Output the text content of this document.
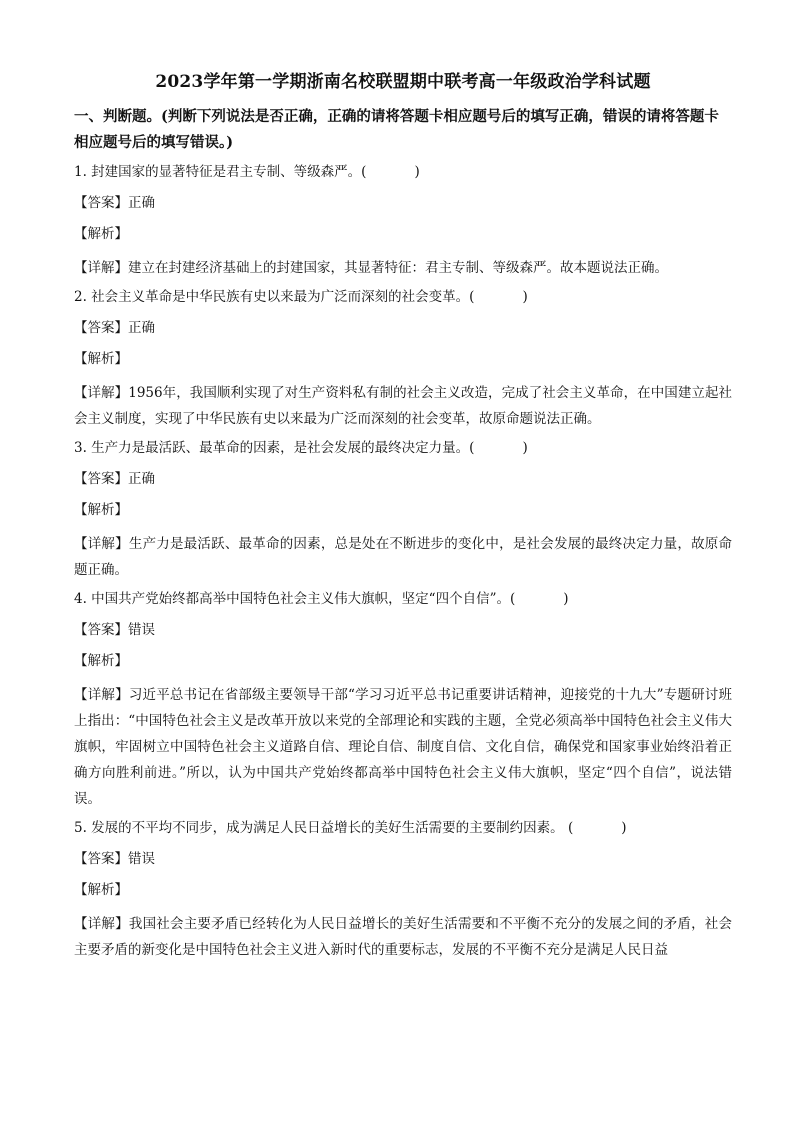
2023学年第一学期浙南名校联盟期中联考高一年级政治学科试题
一、判断题。(判断下列说法是否正确，正确的请将答题卡相应题号后的填写正确，错误的请将答题卡相应题号后的填写错误。)
1. 封建国家的显著特征是君主专制、等级森严。(	)
【答案】正确
【解析】
【详解】建立在封建经济基础上的封建国家，其显著特征：君主专制、等级森严。故本题说法正确。
2. 社会主义革命是中华民族有史以来最为广泛而深刻的社会变革。(	)
【答案】正确
【解析】
【详解】1956年，我国顺利实现了对生产资料私有制的社会主义改造，完成了社会主义革命，在中国建立起社会主义制度，实现了中华民族有史以来最为广泛而深刻的社会变革，故原命题说法正确。
3. 生产力是最活跃、最革命的因素，是社会发展的最终决定力量。(	)
【答案】正确
【解析】
【详解】生产力是最活跃、最革命的因素，总是处在不断进步的变化中，是社会发展的最终决定力量，故原命题正确。
4. 中国共产党始终都高举中国特色社会主义伟大旗帜，坚定“四个自信”。(	)
【答案】错误
【解析】
【详解】习近平总书记在省部级主要领导干部“学习习近平总书记重要讲话精神，迎接党的十九大”专题研讨班上指出：“中国特色社会主义是改革开放以来党的全部理论和实践的主题，全党必须高举中国特色社会主义伟大旗帜，牢固树立中国特色社会主义道路自信、理论自信、制度自信、文化自信，确保党和国家事业始终沿着正确方向胜利前进。”所以，认为中国共产党始终都高举中国特色社会主义伟大旗帜，坚定“四个自信”，说法错误。
5. 发展的不平均不同步，成为满足人民日益增长的美好生活需要的主要制约因素。 (	)
【答案】错误
【解析】
【详解】我国社会主要矛盾已经转化为人民日益增长的美好生活需要和不平衡不充分的发展之间的矛盾，社会主要矛盾的新变化是中国特色社会主义进入新时代的重要标志，发展的不平衡不充分是满足人民日益
